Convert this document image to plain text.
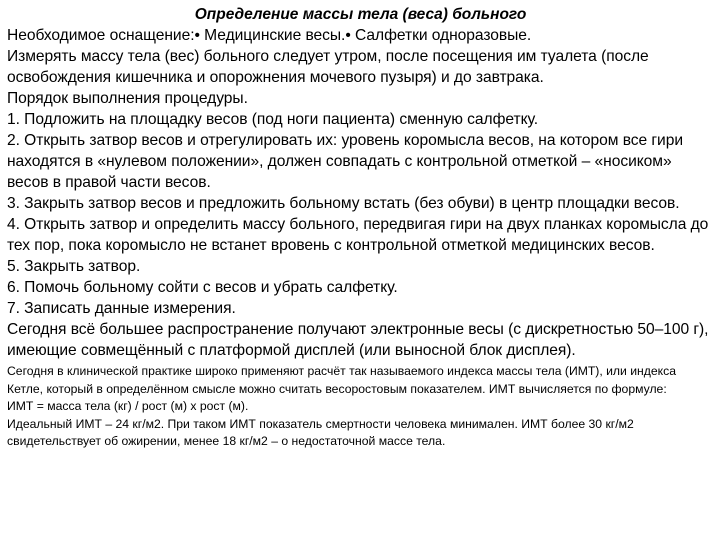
Определение массы тела (веса) больного

Необходимое оснащение:• Медицинские весы.• Салфетки одноразовые.

Измерять массу тела (вес) больного следует утром, после посещения им туалета (после освобождения кишечника и опорожнения мочевого пузыря) и до завтрака.

Порядок выполнения процедуры.

1. Подложить на площадку весов (под ноги пациента) сменную салфетку.

2. Открыть затвор весов и отрегулировать их: уровень коромысла весов, на котором все гири находятся в «нулевом положении», должен совпадать с контрольной отметкой – «носиком» весов в правой части весов.

3. Закрыть затвор весов и предложить больному встать (без обуви) в центр площадки весов.

4. Открыть затвор и определить массу больного, передвигая гири на двух планках коромысла до тех пор, пока коромысло не встанет вровень с контрольной отметкой медицинских весов.

5. Закрыть затвор.

6. Помочь больному сойти с весов и убрать салфетку.

7. Записать данные измерения.

Сегодня всё большее распространение получают электронные весы (с дискретностью 50–100 г), имеющие совмещённый с платформой дисплей (или выносной блок дисплея).

Сегодня в клинической практике широко применяют расчёт так называемого индекса массы тела (ИМТ), или индекса Кетле, который в определённом смысле можно считать весоростовым показателем. ИМТ вычисляется по формуле:

ИМТ = масса тела (кг) / рост (м) х рост (м).

Идеальный ИМТ – 24 кг/м2. При таком ИМТ показатель смертности человека минимален. ИМТ более 30 кг/м2 свидетельствует об ожирении, менее 18 кг/м2 – о недостаточной массе тела.
